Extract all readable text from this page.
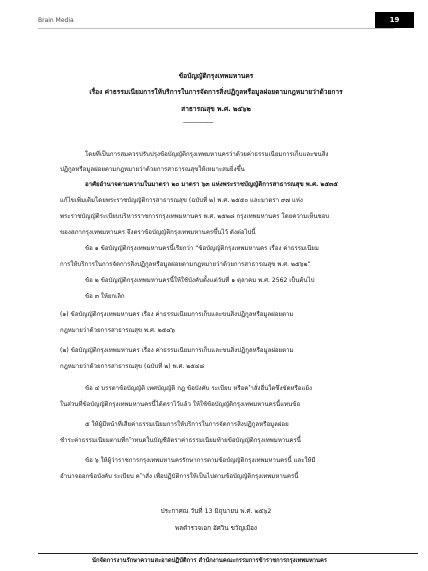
Brain Media	19
ข้อบัญญัติกรุงเทพมหานคร
เรื่อง ค่าธรรมเนียมการให้บริการในการจัดการสิ่งปฏิกูลหรือมูลฝอยตามกฎหมายว่าด้วยการ
สาธารณสุข พ.ศ. ๒๕๖๒
------------------
โดยที่เป็นการสมควรปรับปรุงข้อบัญญัติกรุงเทพมหานครว่าด้วยค่าธรรมเนียมการเก็บและขนสิ่ง
ปฏิกูลหรือมูลฝอยตามกฎหมายว่าด้วยการสาธารณสุขให้เหมาะสมยิ่งขึ้น
อาศัยอำนาจตามความในมาตรา ๒๐ มาตรา ๖๓ แห่งพระราชบัญญัติการสาธารณสุข พ.ศ. ๒๕๓๕
แก้ไขเพิ่มเติมโดยพระราชบัญญัติการสาธารณสุข (ฉบับที่ ๒) พ.ศ. ๒๕๕๐ และมาตรา ๙๗ แห่ง
พระราชบัญญัติระเบียบบริหารราชการกรุงเทพมหานคร พ.ศ. ๒๕๒๘ กรุงเทพมหานคร โดยความเห็นชอบ
ของสภากรุงเทพมหานคร จึงตราข้อบัญญัติกรุงเทพมหานครขึ้นไว้ ดังต่อไปนี้
ข้อ ๑ ข้อบัญญัติกรุงเทพมหานครนี้เรียกว่า “ข้อบัญญัติกรุงเทพมหานคร เรื่อง ค่าธรรมเนียม
การให้บริการในการจัดการสิ่งปฏิกูลหรือมูลฝอยตามกฎหมายว่าด้วยการสาธารณสุข พ.ศ. ๒๕๖๒”
ข้อ ๒ ข้อบัญญัติกรุงเทพมหานครนี้ให้ใช้บังคับตั้งแต่วันที่ ๑ ตุลาคม พ.ศ. 2562 เป็นต้นไป
ข้อ ๓ ให้ยกเลิก
(๑) ข้อบัญญัติกรุงเทพมหานคร เรื่อง ค่าธรรมเนียมการเก็บและขนสิ่งปฏิกูลหรือมูลฝอยตาม
กฎหมายว่าด้วยการสาธารณสุข พ.ศ. ๒๕๔๖
(๒) ข้อบัญญัติกรุงเทพมหานคร เรื่อง ค่าธรรมเนียมการเก็บและขนสิ่งปฏิกูลหรือมูลฝอยตาม
กฎหมายว่าด้วยการสาธารณสุข (ฉบับที่ ๒) พ.ศ. ๒๕๔๘
ข้อ ๔ บรรดาข้อบัญญัติ เทศบัญญัติ กฎ ข้อบังคับ ระเบียบ หรือค ำสั่งอื่นใดซึ่งขัดหรือแย้ง
ในส่วนที่ข้อบัญญัติกรุงเทพมหานครนี้ได้ตราไว้แล้ว ให้ใช้ข้อบัญญัติกรุงเทพมหานครนี้แทนข้อ
๕ ให้ผู้มีหน้าที่เสียค่าธรรมเนียมการให้บริการในการจัดการสิ่งปฏิกูลหรือมูลฝอย
ชำระค่าธรรมเนียมตามที่ก ำหนดในบัญชีอัตราค่าธรรมเนียมท้ายข้อบัญญัติกรุงเทพมหานครนี้
ข้อ ๖ ให้ผู้ว่าราชการกรุงเทพมหานครรักษาการตามข้อบัญญัติกรุงเทพมหานครนี้ และให้มี
อำนาจออกข้อบังคับ ระเบียบ ค ำสั่ง เพื่อปฏิบัติการให้เป็นไปตามข้อบัญญัติกรุงเทพมหานครนี้
ประกาศณ วันที่ 13 มิถุนายน พ.ศ. ๒๕๖2
พลตำรวจเอก อัศวิน ขวัญเมือง
นักจัดการงานรักษาความสะอาดปฏิบัติการ สำนักงานคณะกรรมการข้าราชการกรุงเทพมหานคร
